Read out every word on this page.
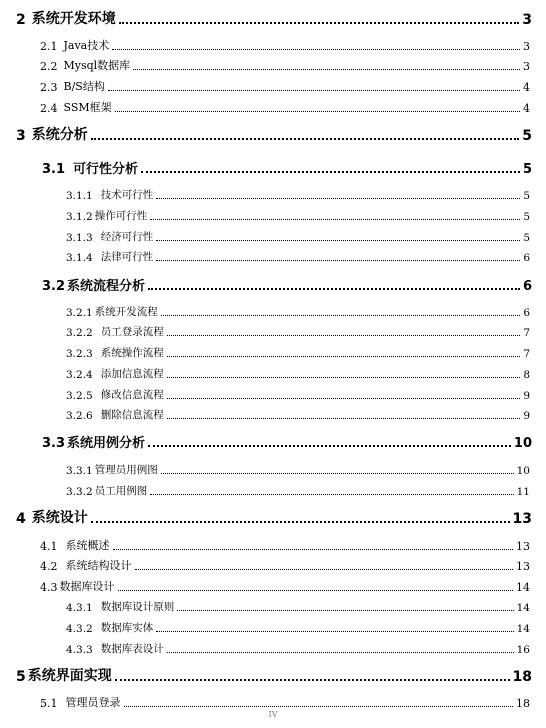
2 系统开发环境	3
2.1 Java技术	3
2.2 Mysql数据库	3
2.3 B/S结构	4
2.4 SSM框架	4
3 系统分析	5
3.1 可行性分析	5
3.1.1 技术可行性	5
3.1.2 操作可行性	5
3.1.3 经济可行性	5
3.1.4 法律可行性	6
3.2 系统流程分析	6
3.2.1 系统开发流程	6
3.2.2 员工登录流程	7
3.2.3 系统操作流程	7
3.2.4 添加信息流程	8
3.2.5 修改信息流程	9
3.2.6 删除信息流程	9
3.3 系统用例分析	10
3.3.1 管理员用例图	10
3.3.2 员工用例图	11
4 系统设计	13
4.1 系统概述	13
4.2 系统结构设计	13
4.3 数据库设计	14
4.3.1 数据库设计原则	14
4.3.2 数据库实体	14
4.3.3 数据库表设计	16
5 系统界面实现	18
5.1 管理员登录	18
IV
